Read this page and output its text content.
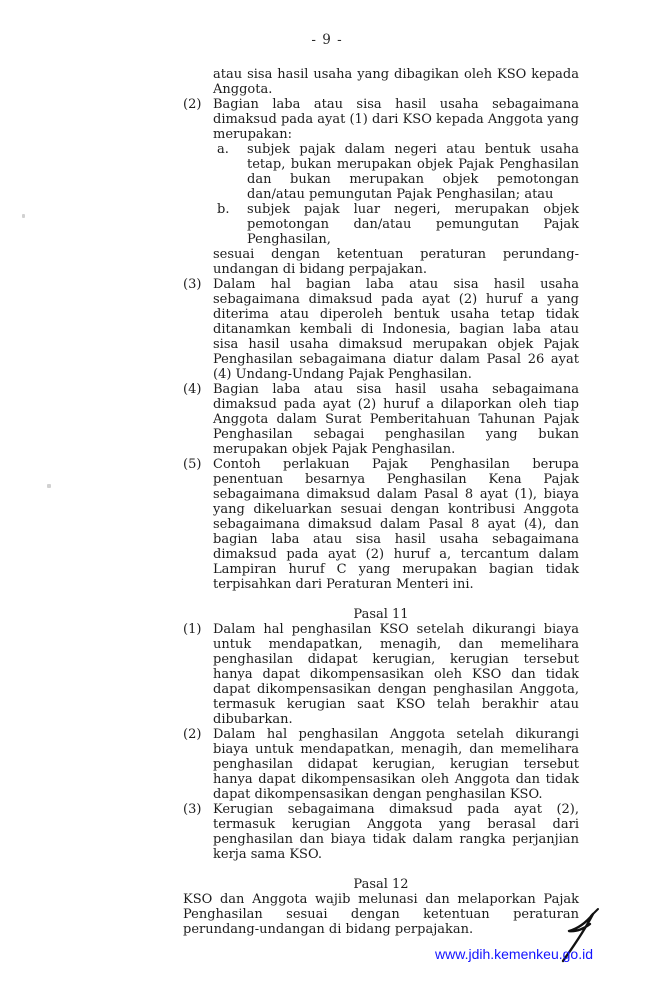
- 9 -
atau sisa hasil usaha yang dibagikan oleh KSO kepada Anggota.
(2) Bagian laba atau sisa hasil usaha sebagaimana dimaksud pada ayat (1) dari KSO kepada Anggota yang merupakan:
a.	subjek pajak dalam negeri atau bentuk usaha tetap, bukan merupakan objek Pajak Penghasilan dan bukan merupakan objek pemotongan dan/atau pemungutan Pajak Penghasilan; atau
b.	subjek pajak luar negeri, merupakan objek pemotongan dan/atau pemungutan Pajak Penghasilan,
sesuai dengan ketentuan peraturan perundang-undangan di bidang perpajakan.
(3) Dalam hal bagian laba atau sisa hasil usaha sebagaimana dimaksud pada ayat (2) huruf a yang diterima atau diperoleh bentuk usaha tetap tidak ditanamkan kembali di Indonesia, bagian laba atau sisa hasil usaha dimaksud merupakan objek Pajak Penghasilan sebagaimana diatur dalam Pasal 26 ayat (4) Undang-Undang Pajak Penghasilan.
(4) Bagian laba atau sisa hasil usaha sebagaimana dimaksud pada ayat (2) huruf a dilaporkan oleh tiap Anggota dalam Surat Pemberitahuan Tahunan Pajak Penghasilan sebagai penghasilan yang bukan merupakan objek Pajak Penghasilan.
(5) Contoh perlakuan Pajak Penghasilan berupa penentuan besarnya Penghasilan Kena Pajak sebagaimana dimaksud dalam Pasal 8 ayat (1), biaya yang dikeluarkan sesuai dengan kontribusi Anggota sebagaimana dimaksud dalam Pasal 8 ayat (4), dan bagian laba atau sisa hasil usaha sebagaimana dimaksud pada ayat (2) huruf a, tercantum dalam Lampiran huruf C yang merupakan bagian tidak terpisahkan dari Peraturan Menteri ini.
Pasal 11
(1) Dalam hal penghasilan KSO setelah dikurangi biaya untuk mendapatkan, menagih, dan memelihara penghasilan didapat kerugian, kerugian tersebut hanya dapat dikompensasikan oleh KSO dan tidak dapat dikompensasikan dengan penghasilan Anggota, termasuk kerugian saat KSO telah berakhir atau dibubarkan.
(2) Dalam hal penghasilan Anggota setelah dikurangi biaya untuk mendapatkan, menagih, dan memelihara penghasilan didapat kerugian, kerugian tersebut hanya dapat dikompensasikan oleh Anggota dan tidak dapat dikompensasikan dengan penghasilan KSO.
(3) Kerugian sebagaimana dimaksud pada ayat (2), termasuk kerugian Anggota yang berasal dari penghasilan dan biaya tidak dalam rangka perjanjian kerja sama KSO.
Pasal 12
KSO dan Anggota wajib melunasi dan melaporkan Pajak Penghasilan sesuai dengan ketentuan peraturan perundang-undangan di bidang perpajakan.
www.jdih.kemenkeu.go.id
